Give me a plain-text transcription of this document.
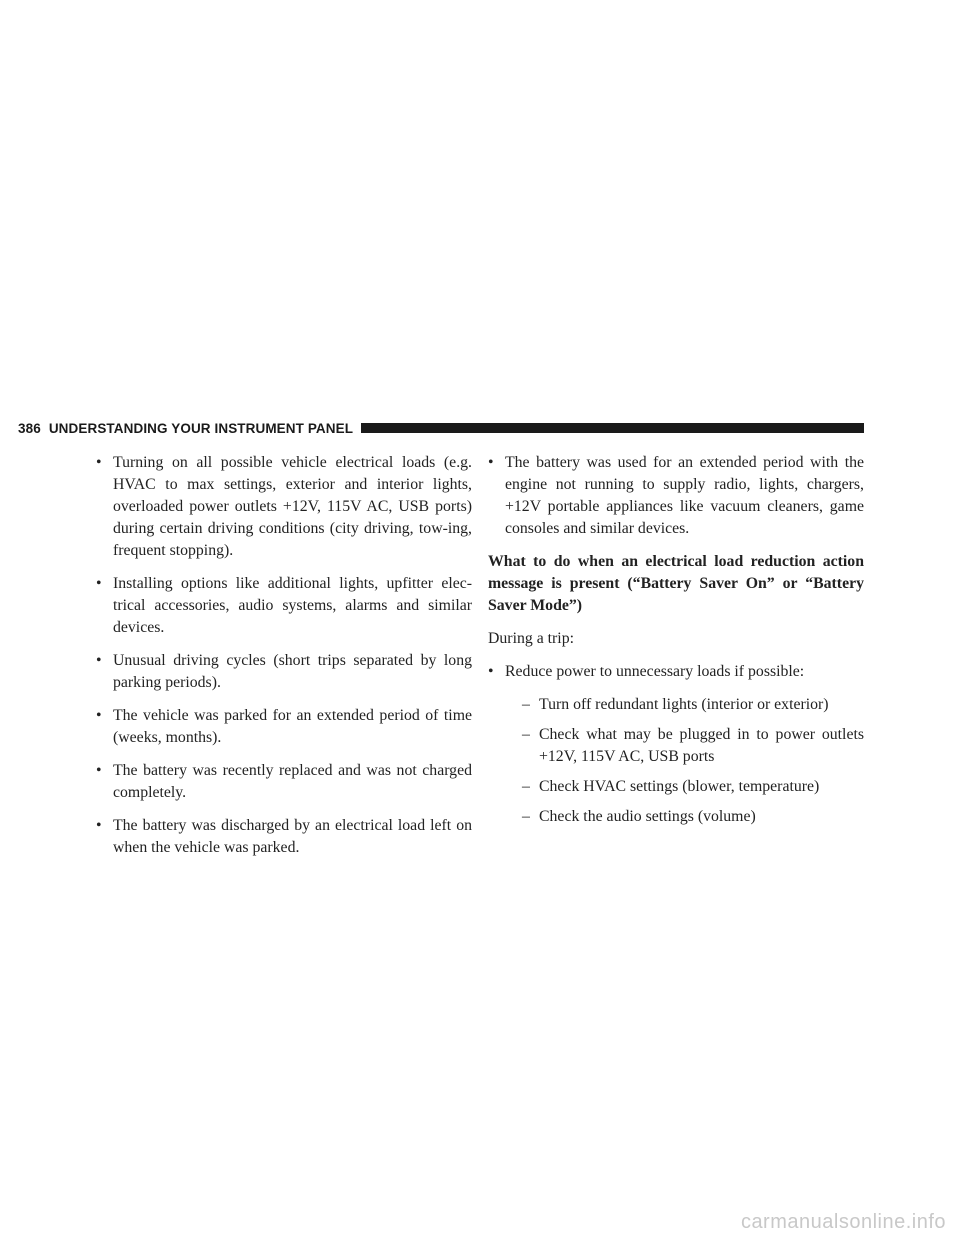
386 UNDERSTANDING YOUR INSTRUMENT PANEL

• Turning on all possible vehicle electrical loads (e.g. HVAC to max settings, exterior and interior lights, overloaded power outlets +12V, 115V AC, USB ports) during certain driving conditions (city driving, tow-ing, frequent stopping).

• Installing options like additional lights, upfitter elec-trical accessories, audio systems, alarms and similar devices.

• Unusual driving cycles (short trips separated by long parking periods).

• The vehicle was parked for an extended period of time (weeks, months).

• The battery was recently replaced and was not charged completely.

• The battery was discharged by an electrical load left on when the vehicle was parked.

• The battery was used for an extended period with the engine not running to supply radio, lights, chargers, +12V portable appliances like vacuum cleaners, game consoles and similar devices.

What to do when an electrical load reduction action message is present (“Battery Saver On” or “Battery Saver Mode”)

During a trip:

• Reduce power to unnecessary loads if possible:

– Turn off redundant lights (interior or exterior)

– Check what may be plugged in to power outlets +12V, 115V AC, USB ports

– Check HVAC settings (blower, temperature)

– Check the audio settings (volume)

carmanualsonline.info
